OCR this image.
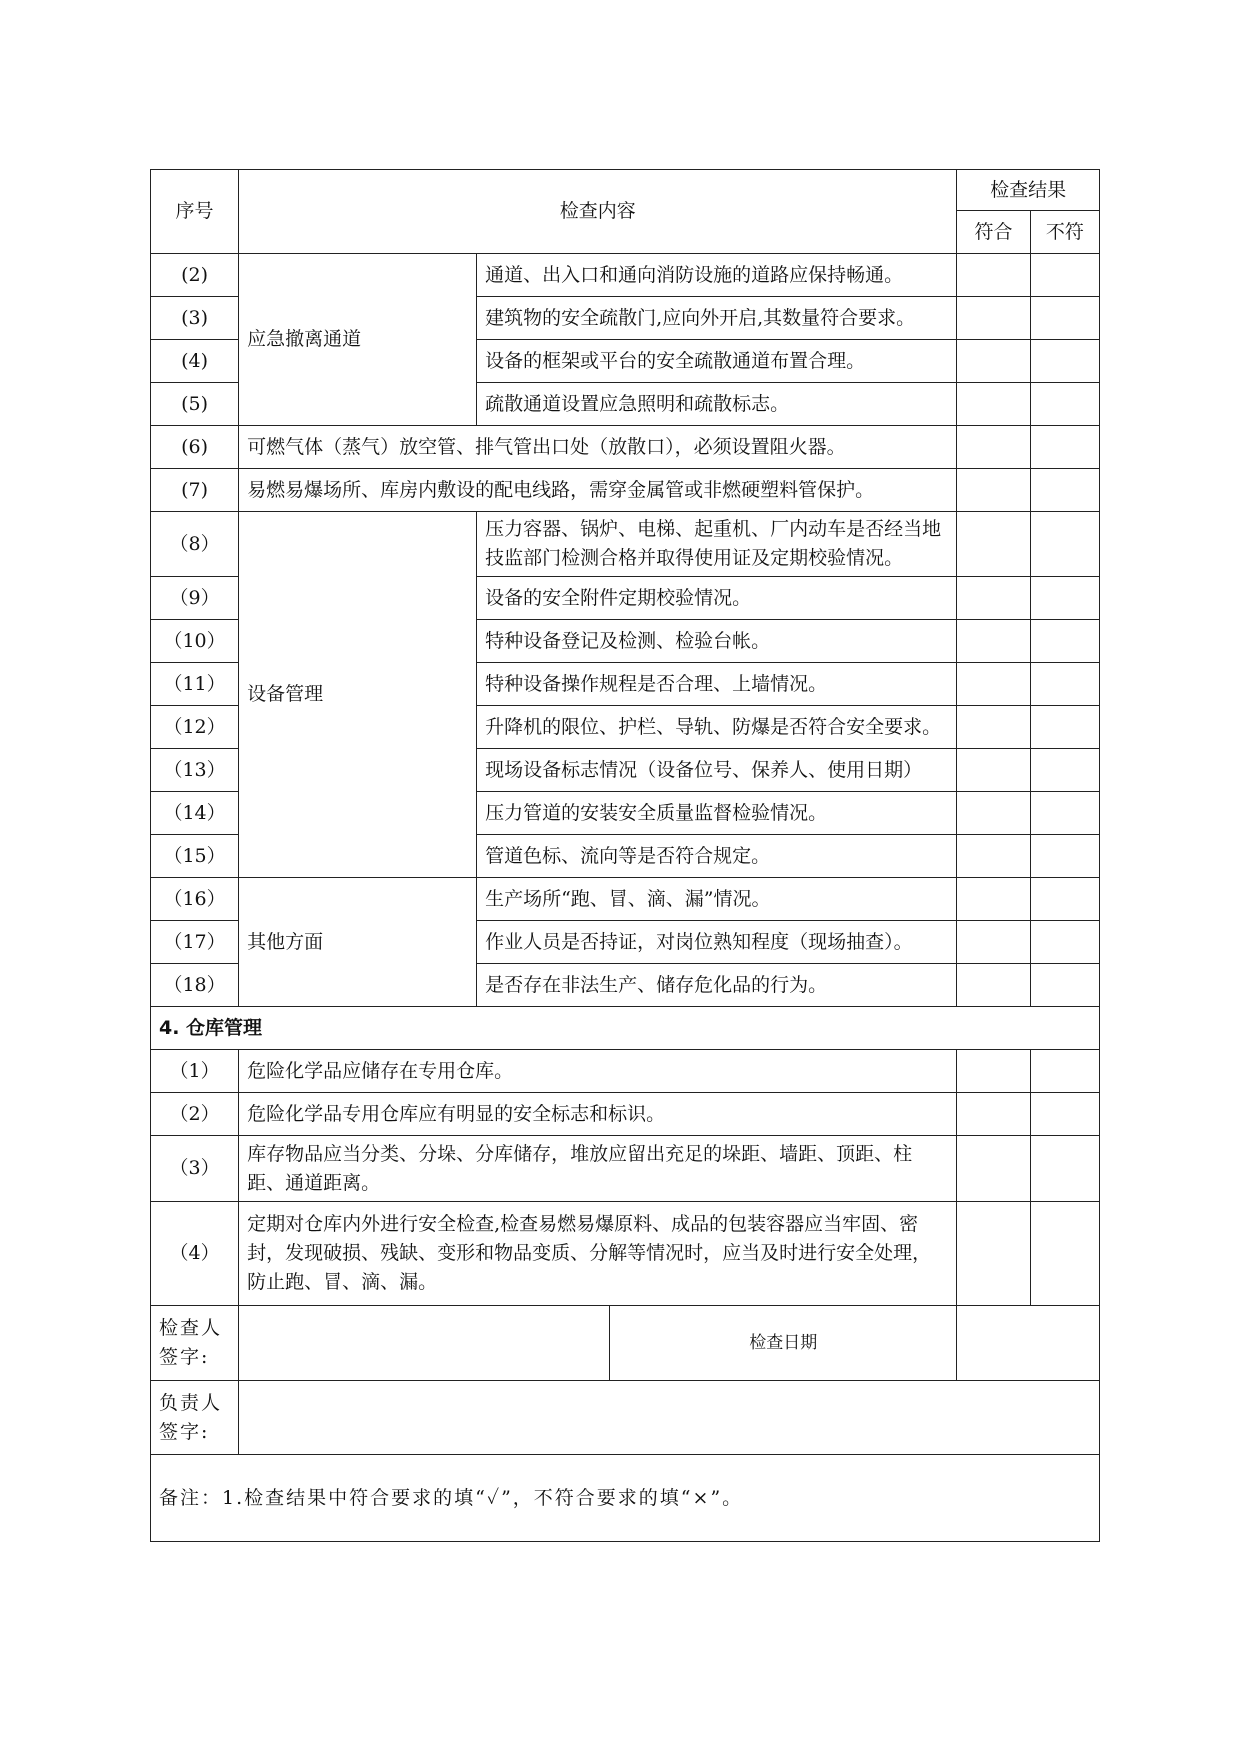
序号	检查内容			检查结果	
				符合	不符
(2)	应急撤离通道	通道、出入口和通向消防设施的道路应保持畅通。			
(3)		建筑物的安全疏散门,应向外开启,其数量符合要求。			
(4)		设备的框架或平台的安全疏散通道布置合理。			
(5)		疏散通道设置应急照明和疏散标志。			
(6)	可燃气体（蒸气）放空管、排气管出口处（放散口），必须设置阻火器。				
(7)	易燃易爆场所、库房内敷设的配电线路，需穿金属管或非燃硬塑料管保护。				
（8）	设备管理	压力容器、锅炉、电梯、起重机、厂内动车是否经当地技监部门检测合格并取得使用证及定期校验情况。			
（9）		设备的安全附件定期校验情况。			
（10）		特种设备登记及检测、检验台帐。			
（11）		特种设备操作规程是否合理、上墙情况。			
（12）		升降机的限位、护栏、导轨、防爆是否符合安全要求。			
（13）		现场设备标志情况（设备位号、保养人、使用日期）			

（14）		压力管道的安装安全质量监督检验情况。			
（15）		管道色标、流向等是否符合规定。			
（16）	其他方面	生产场所“跑、冒、滴、漏”情况。			
（17）		作业人员是否持证，对岗位熟知程度（现场抽查）。			
（18）		是否存在非法生产、储存危化品的行为。			
4. 仓库管理					
（1）	危险化学品应储存在专用仓库。				
（2）	危险化学品专用仓库应有明显的安全标志和标识。				
（3）	库存物品应当分类、分垛、分库储存，堆放应留出充足的垛距、墙距、顶距、柱距、通道距离。				
（4）	定期对仓库内外进行安全检查,检查易燃易爆原料、成品的包装容器应当牢固、密封，发现破损、残缺、变形和物品变质、分解等情况时，应当及时进行安全处理，防止跑、冒、滴、漏。				
检查人签字:			检查日期		
负责人签字:					
备注：1.检查结果中符合要求的填“✓”，不符合要求的填“×”。					
